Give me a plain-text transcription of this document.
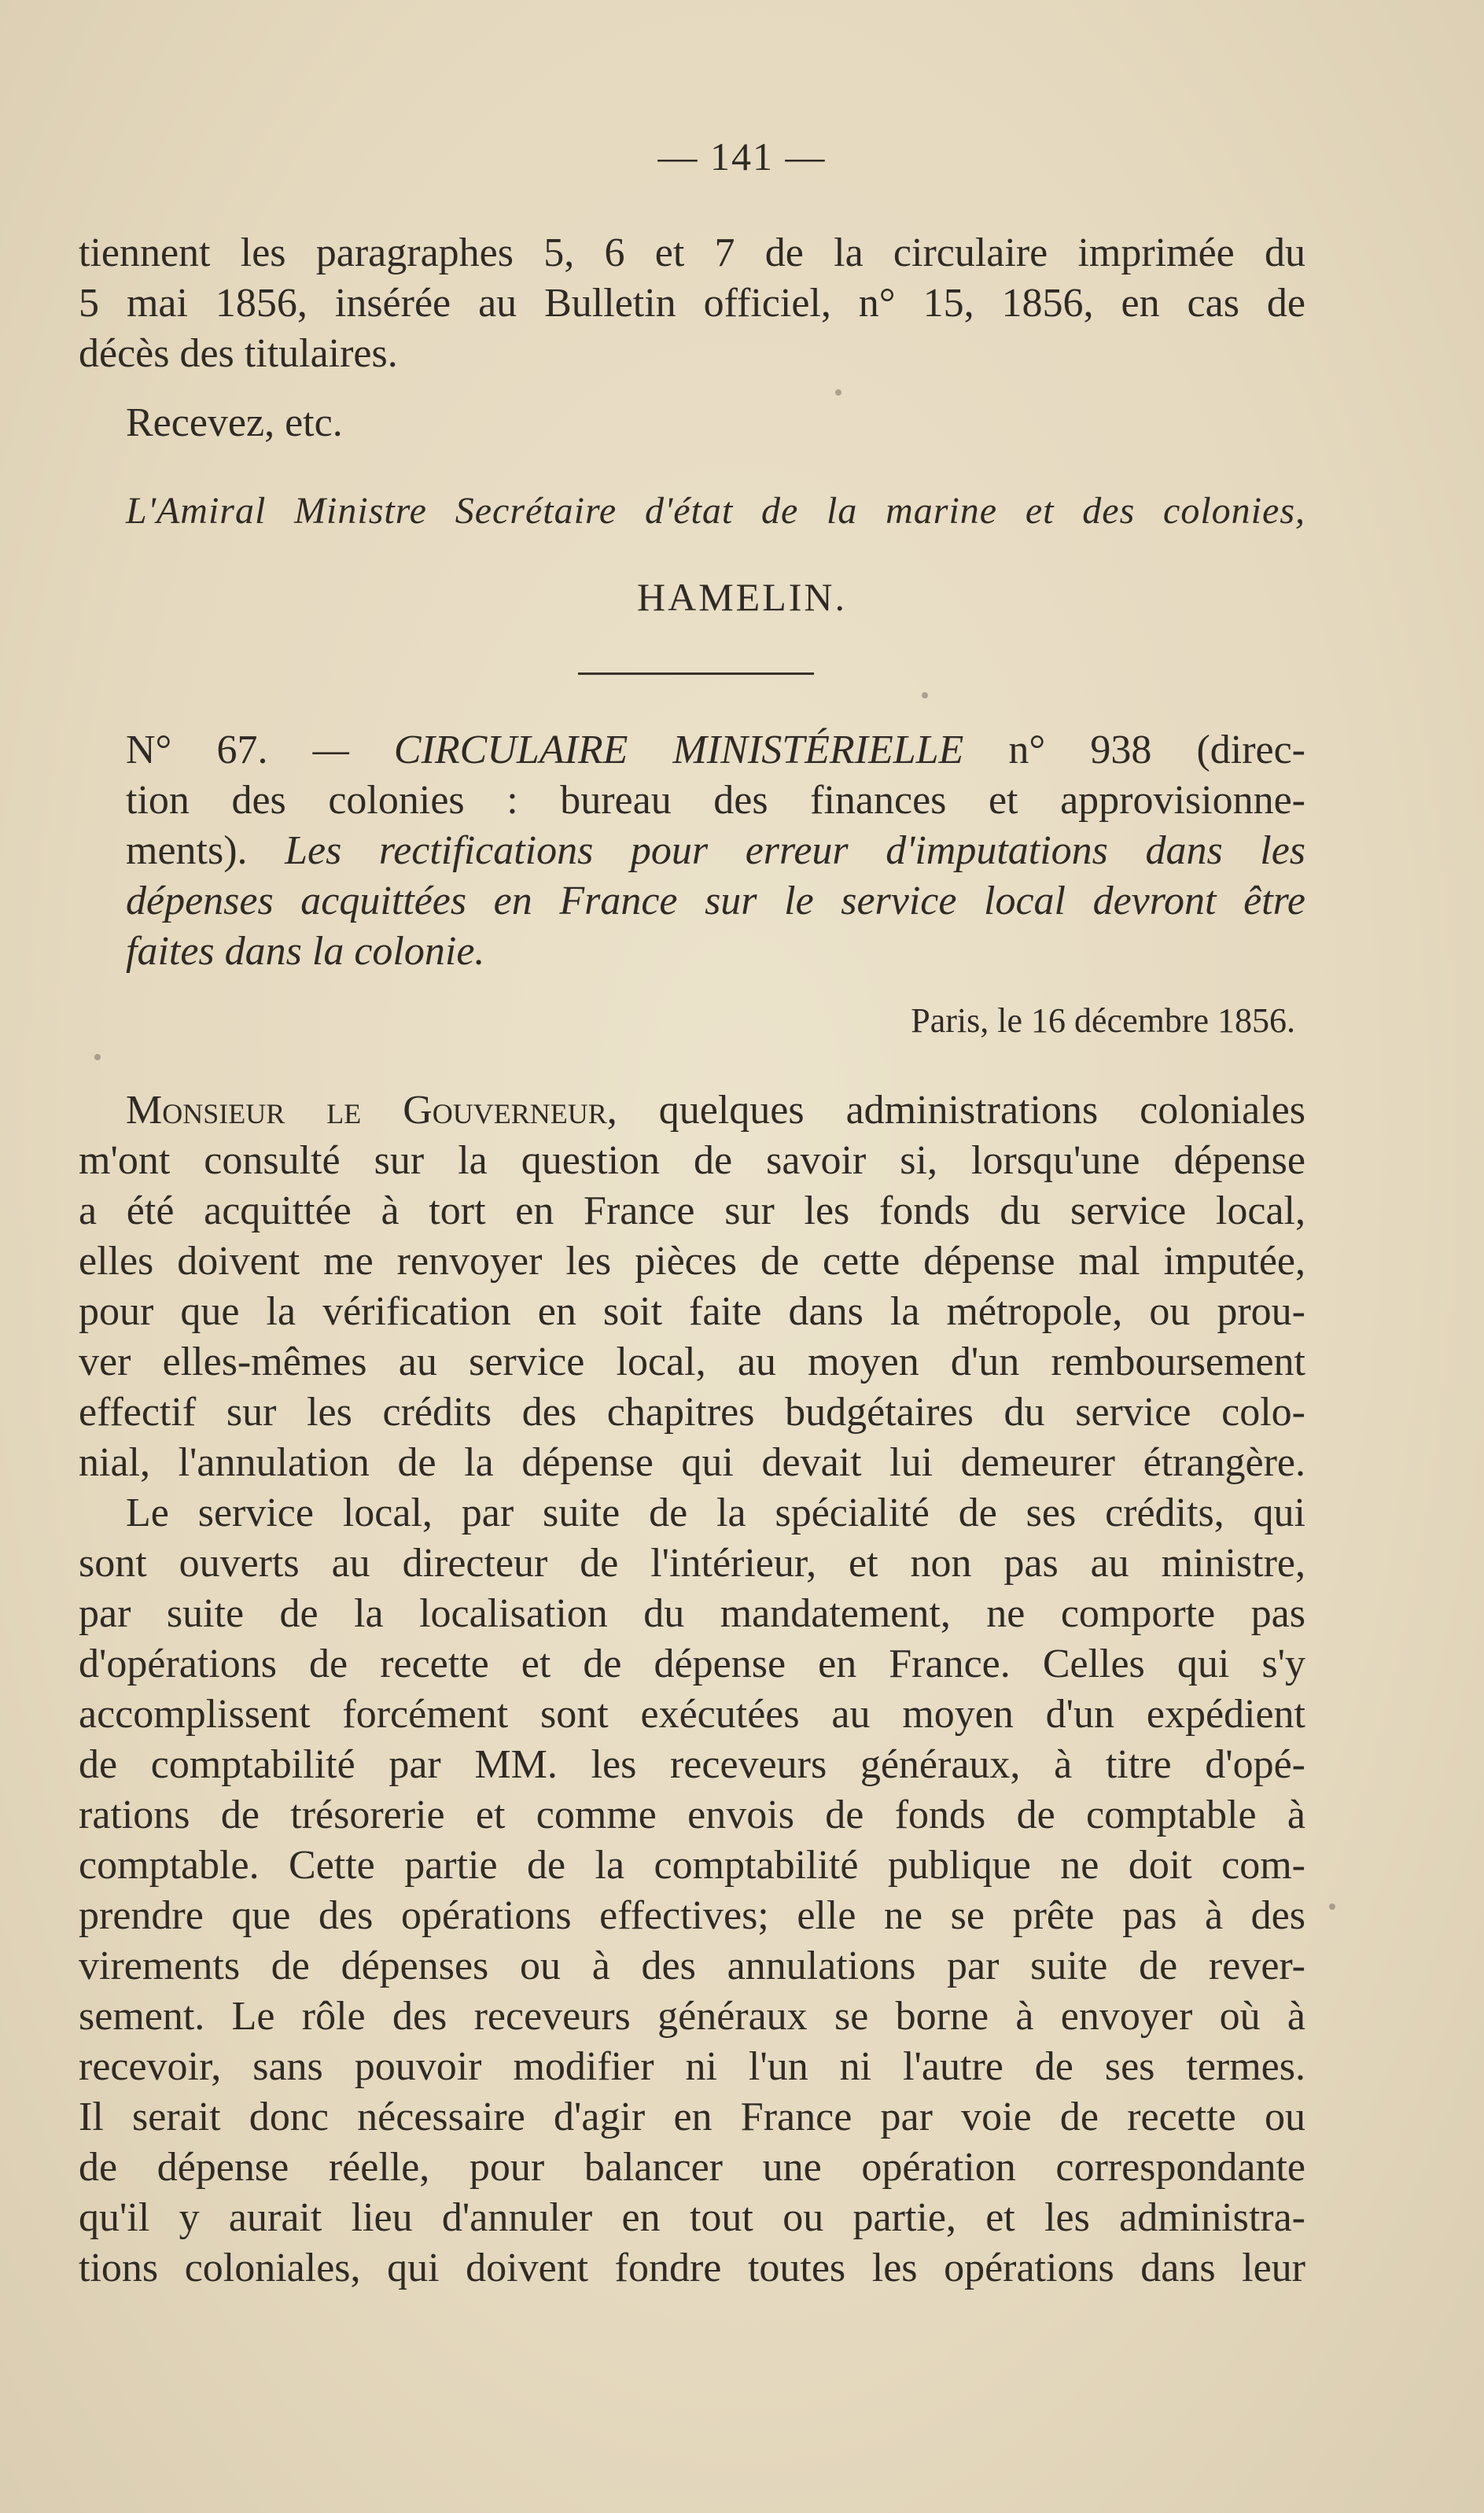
— 141 —
tiennent les paragraphes 5, 6 et 7 de la circulaire imprimée du
5 mai 1856, insérée au Bulletin officiel, n° 15, 1856, en cas de
décès des titulaires.
Recevez, etc.
L'Amiral Ministre Secrétaire d'état de la marine et des colonies,
HAMELIN.
N° 67. — CIRCULAIRE MINISTÉRIELLE n° 938 (direc-
tion des colonies : bureau des finances et approvisionne-
ments). Les rectifications pour erreur d'imputations dans les
dépenses acquittées en France sur le service local devront être
faites dans la colonie.
Paris, le 16 décembre 1856.
Monsieur le Gouverneur, quelques administrations coloniales
m'ont consulté sur la question de savoir si, lorsqu'une dépense
a été acquittée à tort en France sur les fonds du service local,
elles doivent me renvoyer les pièces de cette dépense mal imputée,
pour que la vérification en soit faite dans la métropole, ou prou-
ver elles-mêmes au service local, au moyen d'un remboursement
effectif sur les crédits des chapitres budgétaires du service colo-
nial, l'annulation de la dépense qui devait lui demeurer étrangère.
Le service local, par suite de la spécialité de ses crédits, qui
sont ouverts au directeur de l'intérieur, et non pas au ministre,
par suite de la localisation du mandatement, ne comporte pas
d'opérations de recette et de dépense en France. Celles qui s'y
accomplissent forcément sont exécutées au moyen d'un expédient
de comptabilité par MM. les receveurs généraux, à titre d'opé-
rations de trésorerie et comme envois de fonds de comptable à
comptable. Cette partie de la comptabilité publique ne doit com-
prendre que des opérations effectives; elle ne se prête pas à des
virements de dépenses ou à des annulations par suite de rever-
sement. Le rôle des receveurs généraux se borne à envoyer où à
recevoir, sans pouvoir modifier ni l'un ni l'autre de ses termes.
Il serait donc nécessaire d'agir en France par voie de recette ou
de dépense réelle, pour balancer une opération correspondante
qu'il y aurait lieu d'annuler en tout ou partie, et les administra-
tions coloniales, qui doivent fondre toutes les opérations dans leur
